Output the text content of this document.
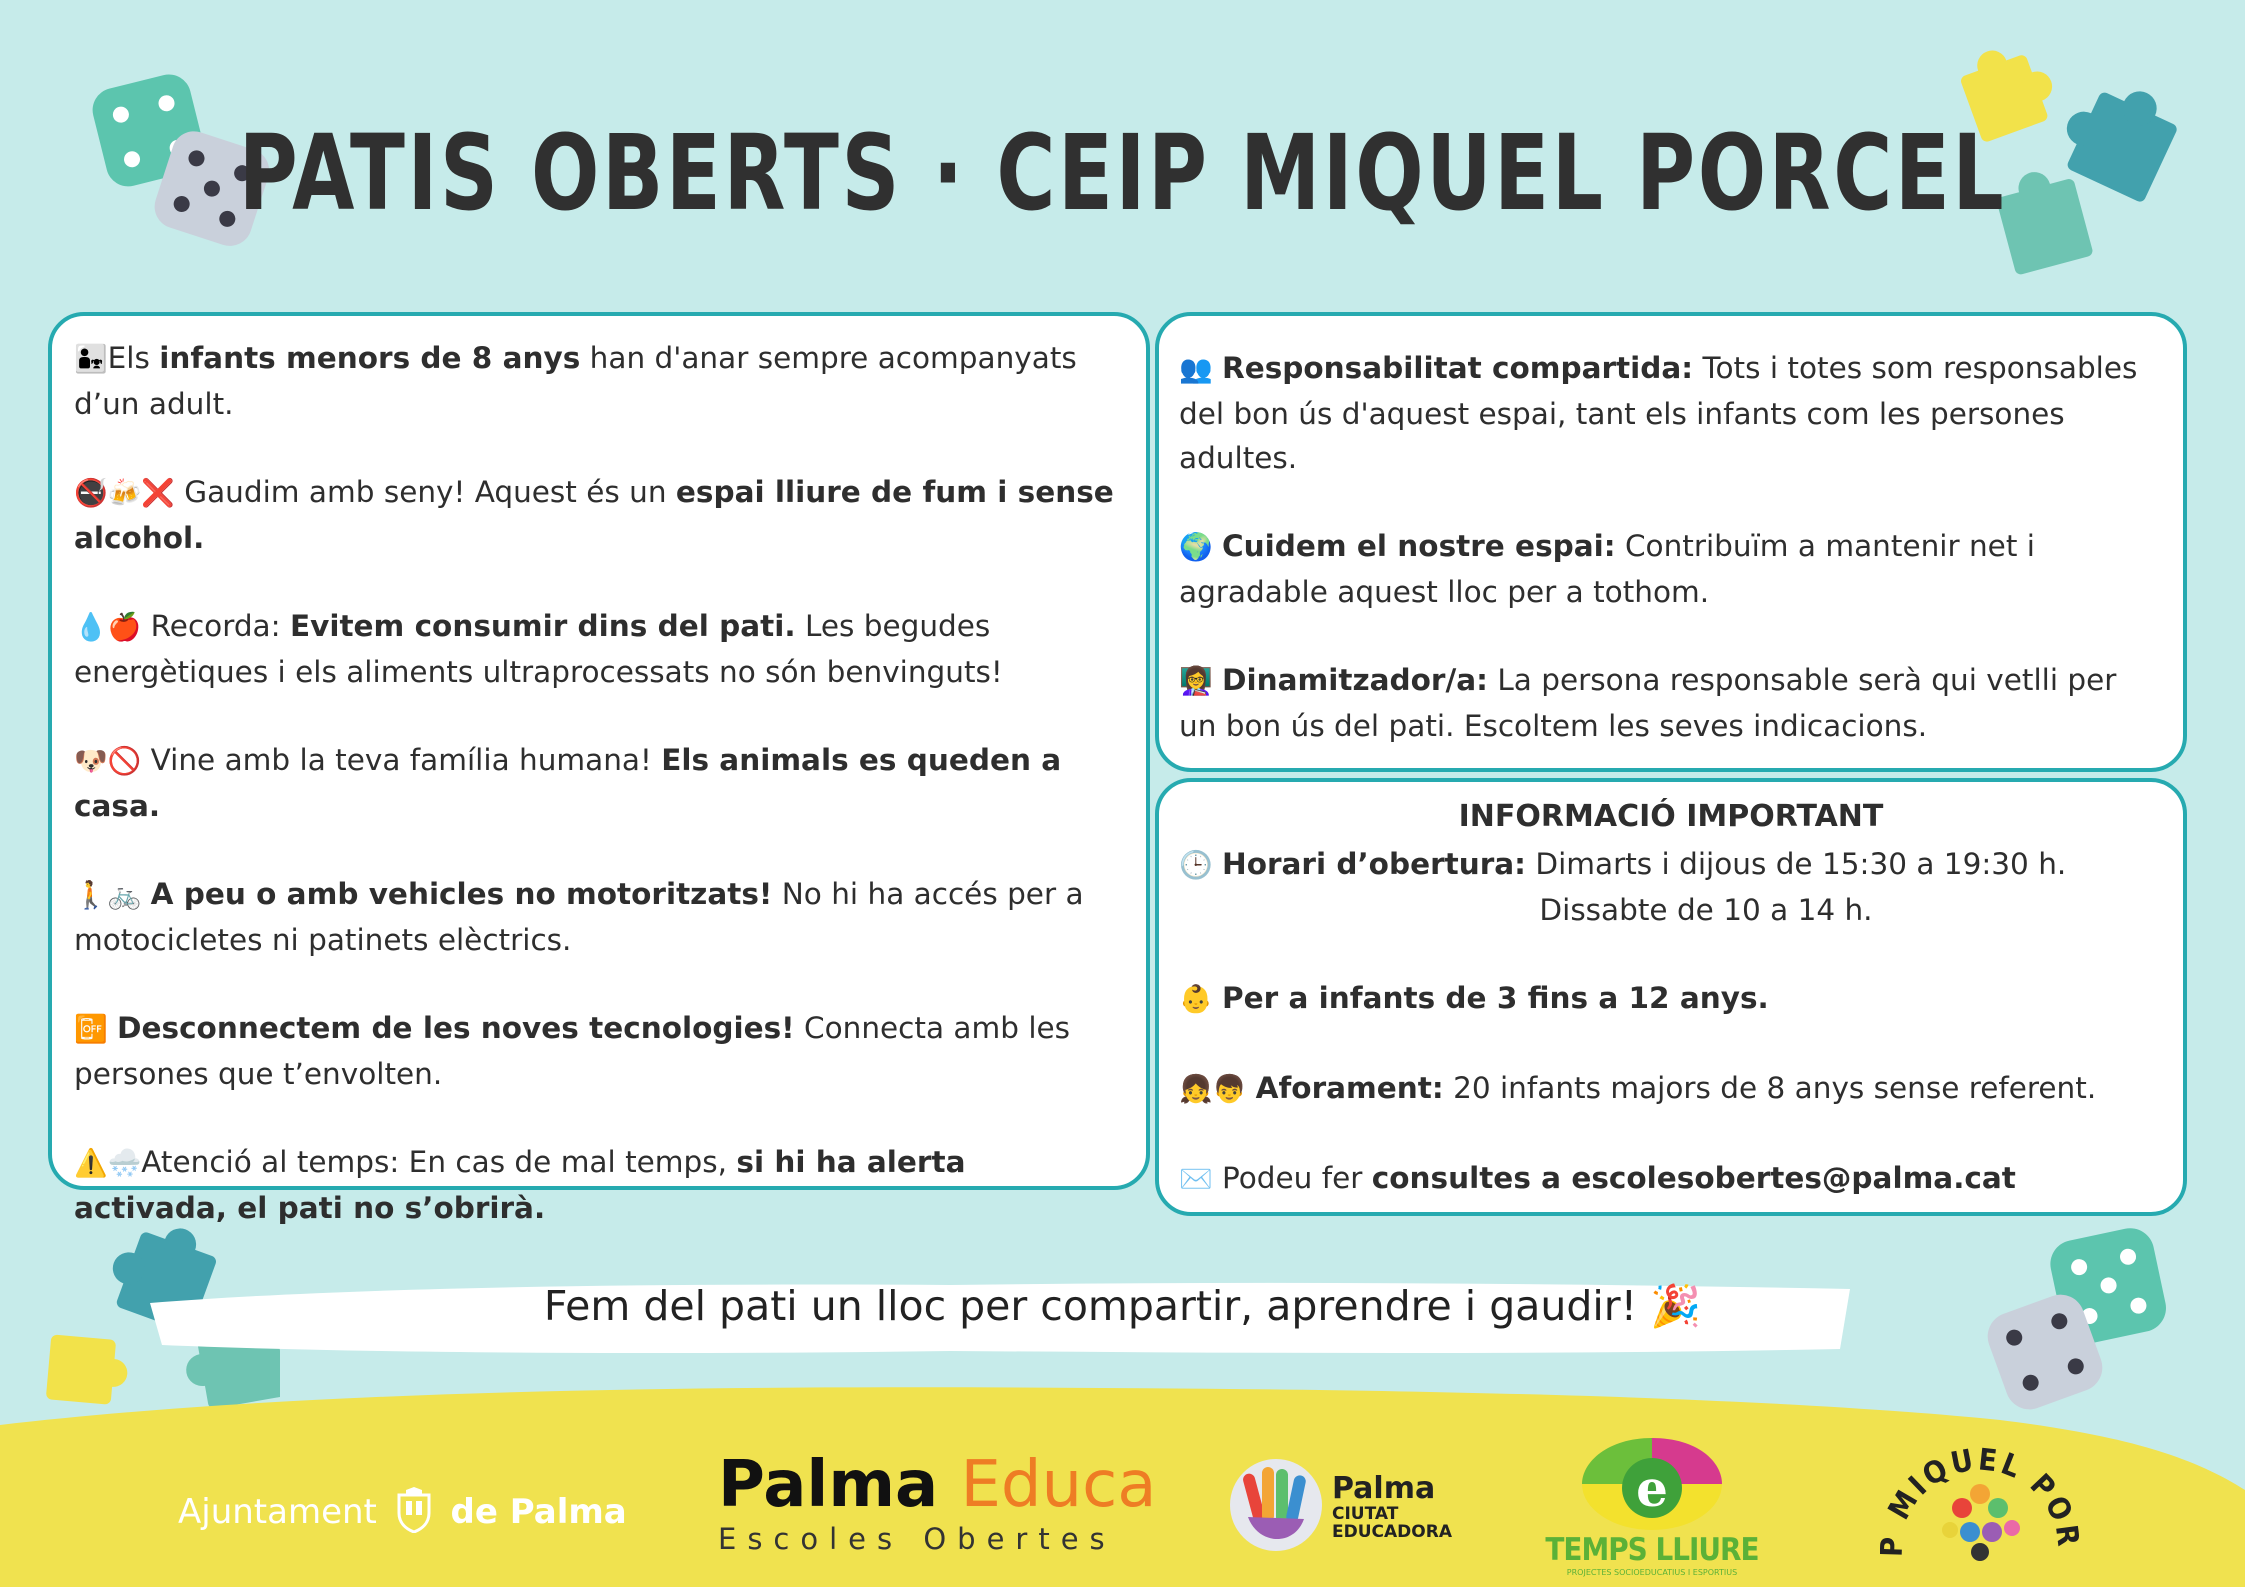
PATIS OBERTS · CEIP MIQUEL PORCEL

👨‍👧Els infants menors de 8 anys han d'anar sempre acompanyats d’un adult.

🚭🍻❌ Gaudim amb seny! Aquest és un espai lliure de fum i sense alcohol.

💧🍎 Recorda: Evitem consumir dins del pati. Les begudes energètiques i els aliments ultraprocessats no són benvinguts!

🐶🚫 Vine amb la teva família humana! Els animals es queden a casa.

🚶🚲 A peu o amb vehicles no motoritzats! No hi ha accés per a motocicletes ni patinets elèctrics.

📴 Desconnectem de les noves tecnologies! Connecta amb les persones que t’envolten.

⚠️🌨️Atenció al temps: En cas de mal temps, si hi ha alerta activada, el pati no s’obrirà.

👥 Responsabilitat compartida: Tots i totes som responsables del bon ús d'aquest espai, tant els infants com les persones adultes.

🌍 Cuidem el nostre espai: Contribuïm a mantenir net i agradable aquest lloc per a tothom.

👩‍🏫 Dinamitzador/a: La persona responsable serà qui vetlli per un bon ús del pati. Escoltem les seves indicacions.

INFORMACIÓ IMPORTANT

🕒 Horari d’obertura: Dimarts i dijous de 15:30 a 19:30 h.
Dissabte de 10 a 14 h.

👶 Per a infants de 3 fins a 12 anys.

👧👦 Aforament: 20 infants majors de 8 anys sense referent.

✉️ Podeu fer consultes a escolesobertes@palma.cat

Fem del pati un lloc per compartir, aprendre i gaudir! 🎉
Ajuntament de Palma Palma Educa
Escoles Obertes
Palma
CIUTAT
EDUCADORA
e
TEMPS LLIURE
PROJECTES SOCIOEDUCATIUS I ESPORTIUS
MIQUEL PO
